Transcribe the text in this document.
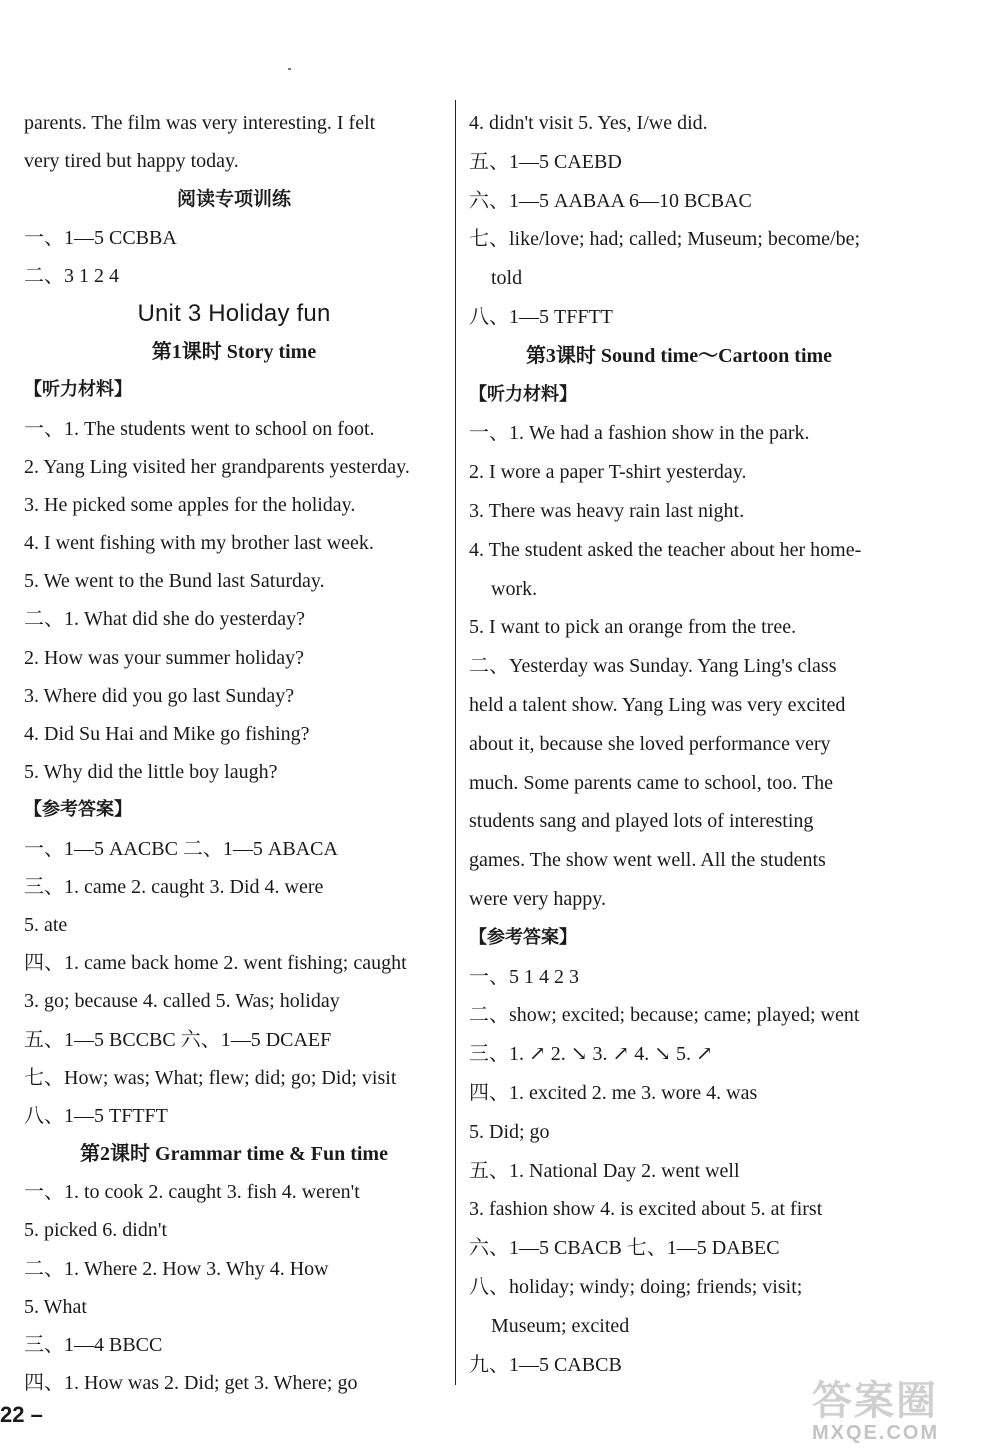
parents. The film was very interesting. I felt
very tired but happy today.
阅读专项训练
一、1—5 CCBBA
二、3 1 2 4
Unit 3 Holiday fun
第1课时 Story time
【听力材料】
一、1. The students went to school on foot.
2. Yang Ling visited her grandparents yesterday.
3. He picked some apples for the holiday.
4. I went fishing with my brother last week.
5. We went to the Bund last Saturday.
二、1. What did she do yesterday?
2. How was your summer holiday?
3. Where did you go last Sunday?
4. Did Su Hai and Mike go fishing?
5. Why did the little boy laugh?
【参考答案】
一、1—5 AACBC 二、1—5 ABACA
三、1. came 2. caught 3. Did 4. were
5. ate
四、1. came back home 2. went fishing; caught
3. go; because 4. called 5. Was; holiday
五、1—5 BCCBC 六、1—5 DCAEF
七、How; was; What; flew; did; go; Did; visit
八、1—5 TFTFT
第2课时 Grammar time & Fun time
一、1. to cook 2. caught 3. fish 4. weren't
5. picked 6. didn't
二、1. Where 2. How 3. Why 4. How
5. What
三、1—4 BBCC
四、1. How was 2. Did; get 3. Where; go
4. didn't visit 5. Yes, I/we did.
五、1—5 CAEBD
六、1—5 AABAA 6—10 BCBAC
七、like/love; had; called; Museum; become/be;
told
八、1—5 TFFTT
第3课时 Sound time～Cartoon time
【听力材料】
一、1. We had a fashion show in the park.
2. I wore a paper T-shirt yesterday.
3. There was heavy rain last night.
4. The student asked the teacher about her home-
work.
5. I want to pick an orange from the tree.
二、Yesterday was Sunday. Yang Ling's class
held a talent show. Yang Ling was very excited
about it, because she loved performance very
much. Some parents came to school, too. The
students sang and played lots of interesting
games. The show went well. All the students
were very happy.
【参考答案】
一、5 1 4 2 3
二、show; excited; because; came; played; went
三、1. ↗ 2. ↘ 3. ↗ 4. ↘ 5. ↗
四、1. excited 2. me 3. wore 4. was
5. Did; go
五、1. National Day 2. went well
3. fashion show 4. is excited about 5. at first
六、1—5 CBACB 七、1—5 DABEC
八、holiday; windy; doing; friends; visit;
Museum; excited
九、1—5 CABCB
22 –	答案圈
MXQE.COM
